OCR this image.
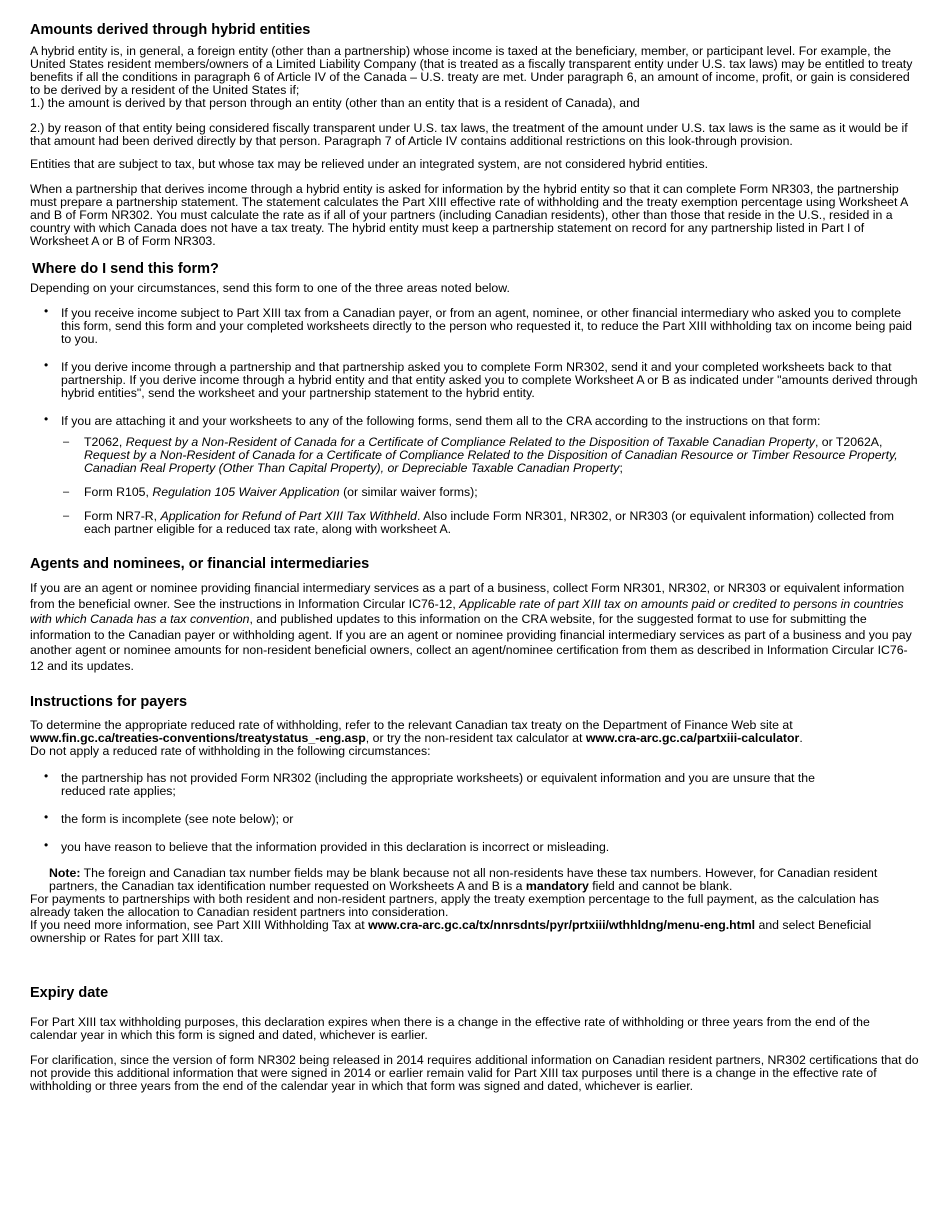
Amounts derived through hybrid entities

A hybrid entity is, in general, a foreign entity (other than a partnership) whose income is taxed at the beneficiary, member, or participant level. For example, the United States resident members/owners of a Limited Liability Company (that is treated as a fiscally transparent entity under U.S. tax laws) may be entitled to treaty benefits if all the conditions in paragraph 6 of Article IV of the Canada – U.S. treaty are met. Under paragraph 6, an amount of income, profit, or gain is considered to be derived by a resident of the United States if;

1.) the amount is derived by that person through an entity (other than an entity that is a resident of Canada), and

2.) by reason of that entity being considered fiscally transparent under U.S. tax laws, the treatment of the amount under U.S. tax laws is the same as it would be if that amount had been derived directly by that person. Paragraph 7 of Article IV contains additional restrictions on this look-through provision.

Entities that are subject to tax, but whose tax may be relieved under an integrated system, are not considered hybrid entities.

When a partnership that derives income through a hybrid entity is asked for information by the hybrid entity so that it can complete Form NR303, the partnership must prepare a partnership statement. The statement calculates the Part XIII effective rate of withholding and the treaty exemption percentage using Worksheet A and B of Form NR302. You must calculate the rate as if all of your partners (including Canadian residents), other than those that reside in the U.S., resided in a country with which Canada does not have a tax treaty. The hybrid entity must keep a partnership statement on record for any partnership listed in Part I of Worksheet A or B of Form NR303.

Where do I send this form?

Depending on your circumstances, send this form to one of the three areas noted below.

• If you receive income subject to Part XIII tax from a Canadian payer, or from an agent, nominee, or other financial intermediary who asked you to complete this form, send this form and your completed worksheets directly to the person who requested it, to reduce the Part XIII withholding tax on income being paid to you.
• If you derive income through a partnership and that partnership asked you to complete Form NR302, send it and your completed worksheets back to that partnership. If you derive income through a hybrid entity and that entity asked you to complete Worksheet A or B as indicated under "amounts derived through hybrid entities", send the worksheet and your partnership statement to the hybrid entity.
• If you are attaching it and your worksheets to any of the following forms, send them all to the CRA according to the instructions on that form:
– T2062, Request by a Non-Resident of Canada for a Certificate of Compliance Related to the Disposition of Taxable Canadian Property, or T2062A, Request by a Non-Resident of Canada for a Certificate of Compliance Related to the Disposition of Canadian Resource or Timber Resource Property, Canadian Real Property (Other Than Capital Property), or Depreciable Taxable Canadian Property;
– Form R105, Regulation 105 Waiver Application (or similar waiver forms);
– Form NR7-R, Application for Refund of Part XIII Tax Withheld. Also include Form NR301, NR302, or NR303 (or equivalent information) collected from each partner eligible for a reduced tax rate, along with worksheet A.
Agents and nominees, or financial intermediaries

If you are an agent or nominee providing financial intermediary services as a part of a business, collect Form NR301, NR302, or NR303 or equivalent information from the beneficial owner. See the instructions in Information Circular IC76-12, Applicable rate of part XIII tax on amounts paid or credited to persons in countries with which Canada has a tax convention, and published updates to this information on the CRA website, for the suggested format to use for submitting the information to the Canadian payer or withholding agent. If you are an agent or nominee providing financial intermediary services as part of a business and you pay another agent or nominee amounts for non-resident beneficial owners, collect an agent/nominee certification from them as described in Information Circular IC76-12 and its updates.

Instructions for payers

To determine the appropriate reduced rate of withholding, refer to the relevant Canadian tax treaty on the Department of Finance Web site at www.fin.gc.ca/treaties-conventions/treatystatus_-eng.asp, or try the non-resident tax calculator at www.cra-arc.gc.ca/partxiii-calculator.

Do not apply a reduced rate of withholding in the following circumstances:

• the partnership has not provided Form NR302 (including the appropriate worksheets) or equivalent information and you are unsure that the reduced rate applies;
• the form is incomplete (see note below); or
• you have reason to believe that the information provided in this declaration is incorrect or misleading.

Note: The foreign and Canadian tax number fields may be blank because not all non-residents have these tax numbers. However, for Canadian resident partners, the Canadian tax identification number requested on Worksheets A and B is a mandatory field and cannot be blank.

For payments to partnerships with both resident and non-resident partners, apply the treaty exemption percentage to the full payment, as the calculation has already taken the allocation to Canadian resident partners into consideration.

If you need more information, see Part XIII Withholding Tax at www.cra-arc.gc.ca/tx/nnrsdnts/pyr/prtxiii/wthhldng/menu-eng.html and select Beneficial ownership or Rates for part XIII tax.

Expiry date

For Part XIII tax withholding purposes, this declaration expires when there is a change in the effective rate of withholding or three years from the end of the calendar year in which this form is signed and dated, whichever is earlier.

For clarification, since the version of form NR302 being released in 2014 requires additional information on Canadian resident partners, NR302 certifications that do not provide this additional information that were signed in 2014 or earlier remain valid for Part XIII tax purposes until there is a change in the effective rate of withholding or three years from the end of the calendar year in which that form was signed and dated, whichever is earlier.
